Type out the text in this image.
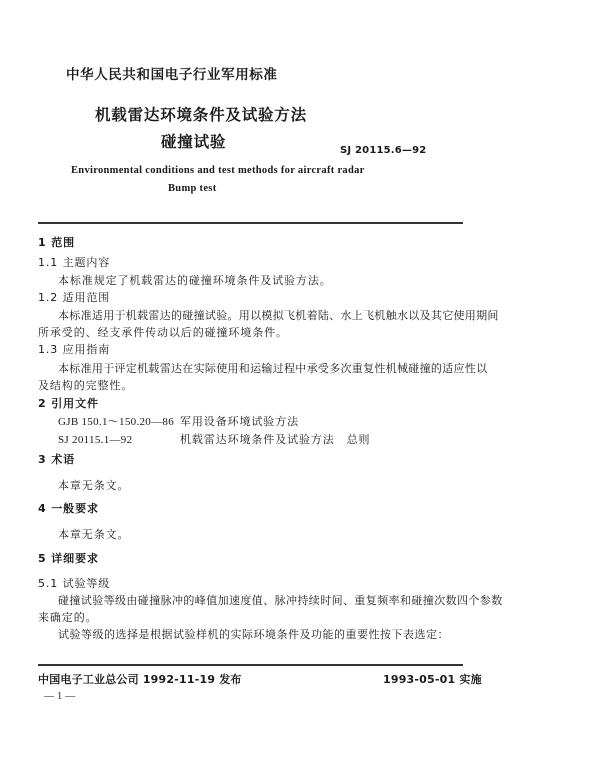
中华人民共和国电子行业军用标准
机载雷达环境条件及试验方法
碰撞试验	SJ 20115.6—92
Environmental conditions and test methods for aircraft radar
Bump test
1 范围
1.1 主题内容
本标准规定了机载雷达的碰撞环境条件及试验方法。
1.2 适用范围
本标准适用于机载雷达的碰撞试验。用以模拟飞机着陆、水上飞机触水以及其它使用期间
所承受的、经支承件传动以后的碰撞环境条件。
1.3 应用指南
本标准用于评定机载雷达在实际使用和运输过程中承受多次重复性机械碰撞的适应性以
及结构的完整性。
2 引用文件
GJB 150.1～150.20—86 军用设备环境试验方法
SJ 20115.1—92	机载雷达环境条件及试验方法　总则
3 术语
本章无条文。
4 一般要求
本章无条文。
5 详细要求
5.1 试验等级
碰撞试验等级由碰撞脉冲的峰值加速度值、脉冲持续时间、重复频率和碰撞次数四个参数
来确定的。
试验等级的选择是根据试验样机的实际环境条件及功能的重要性按下表选定：
中国电子工业总公司 1992-11-19 发布	1993-05-01 实施
— 1 —
